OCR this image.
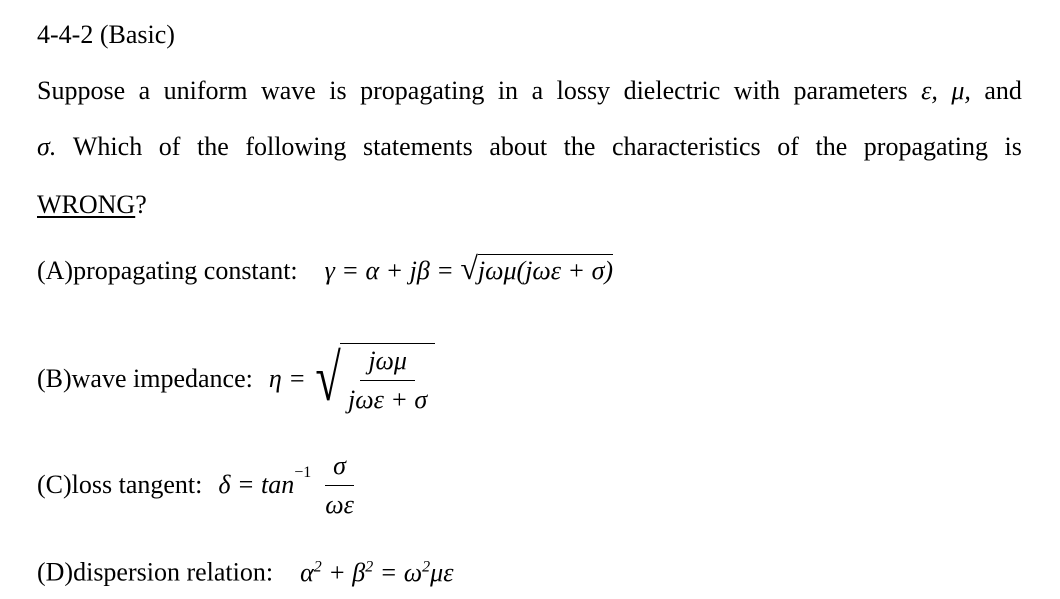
4-4-2 (Basic)
Suppose a uniform wave is propagating in a lossy dielectric with parameters ε, μ, and
σ. Which of the following statements about the characteristics of the propagating is
WRONG?
(A)propagating constant: γ = α + jβ = √jωμ(jωε + σ)
(B)wave impedance: η = √ $\frac{\text{jωμ}}{\text{jωε + σ}}$
(C)loss tangent: $\delta = \tan^{-1} \frac{\sigma}{\omega\varepsilon}$
(D)dispersion relation: $\alpha^2 + \beta^2 = \omega^2\mu\varepsilon$
